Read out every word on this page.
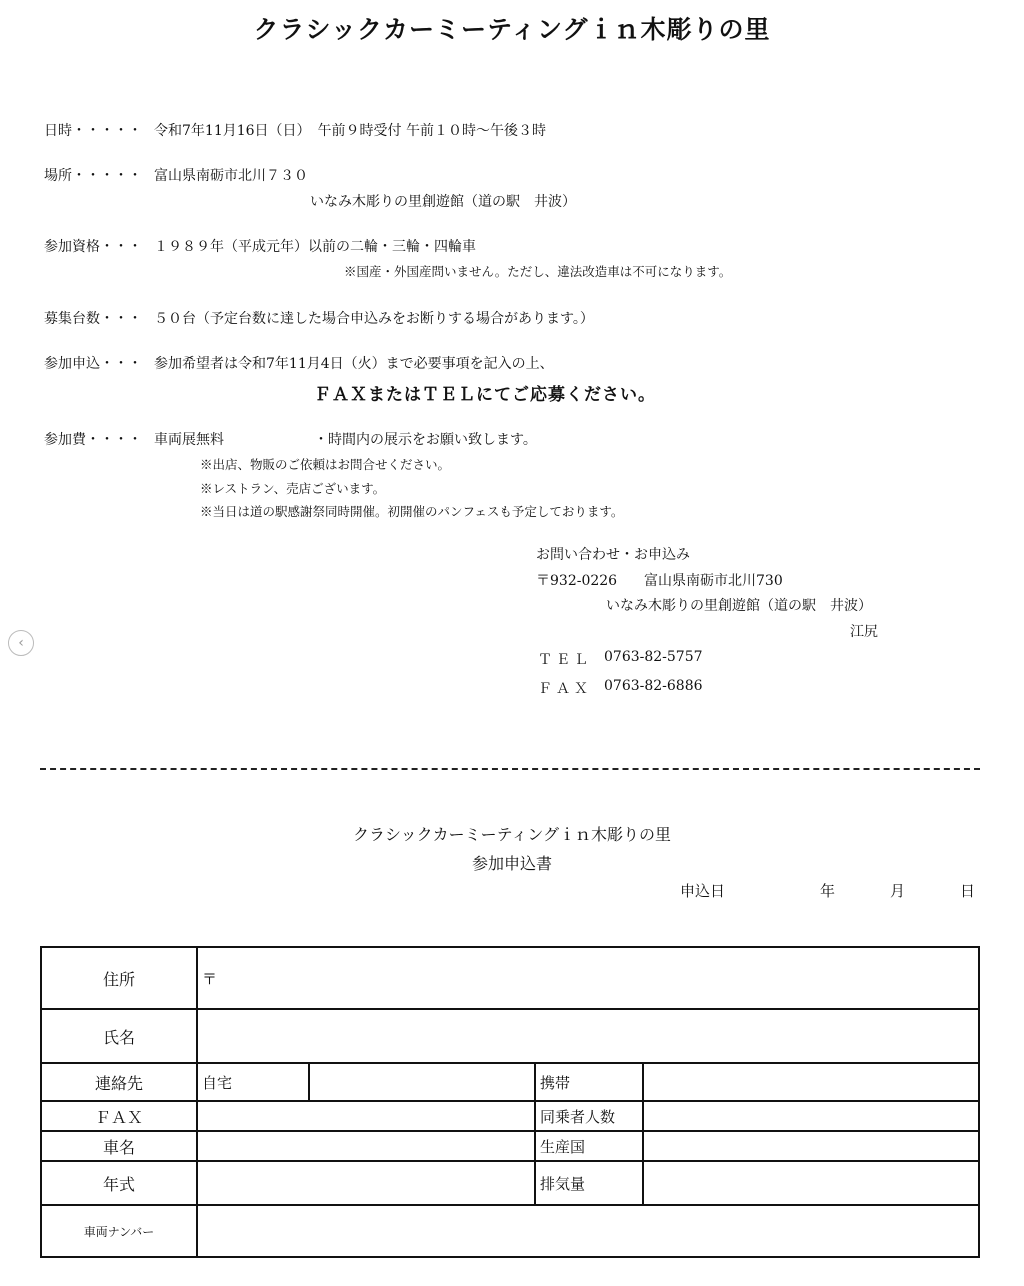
クラシックカーミーティングｉｎ木彫りの里
日時・・・・・ 令和7年11月16日（日）　午前９時受付 午前１０時〜午後３時
場所・・・・・ 富山県南砺市北川７３０
いなみ木彫りの里創遊館（道の駅　井波）
参加資格・・・ １９８９年（平成元年）以前の二輪・三輪・四輪車
※国産・外国産問いません。ただし、違法改造車は不可になります。
募集台数・・・ ５０台（予定台数に達した場合申込みをお断りする場合があります。）
参加申込・・・ 参加希望者は令和7年11月4日（火）まで必要事項を記入の上、
ＦＡＸまたはＴＥＬにてご応募ください。
参加費・・・・ 車両展無料	・時間内の展示をお願い致します。
※出店、物販のご依頼はお問合せください。
※レストラン、売店ございます。
※当日は道の駅感謝祭同時開催。初開催のパンフェスも予定しております。
お問い合わせ・お申込み
〒932-0226 富山県南砺市北川730
いなみ木彫りの里創遊館（道の駅　井波）
江尻
ＴＥＬ 0763-82-5757
ＦＡＸ 0763-82-6886
‹
クラシックカーミーティングｉｎ木彫りの里
参加申込書
申込日	年	月	日
住所	〒			
氏名				
連絡先	自宅		携帯	
ＦＡＸ			同乗者人数	
車名			生産国	
年式			排気量	
車両ナンバー				
